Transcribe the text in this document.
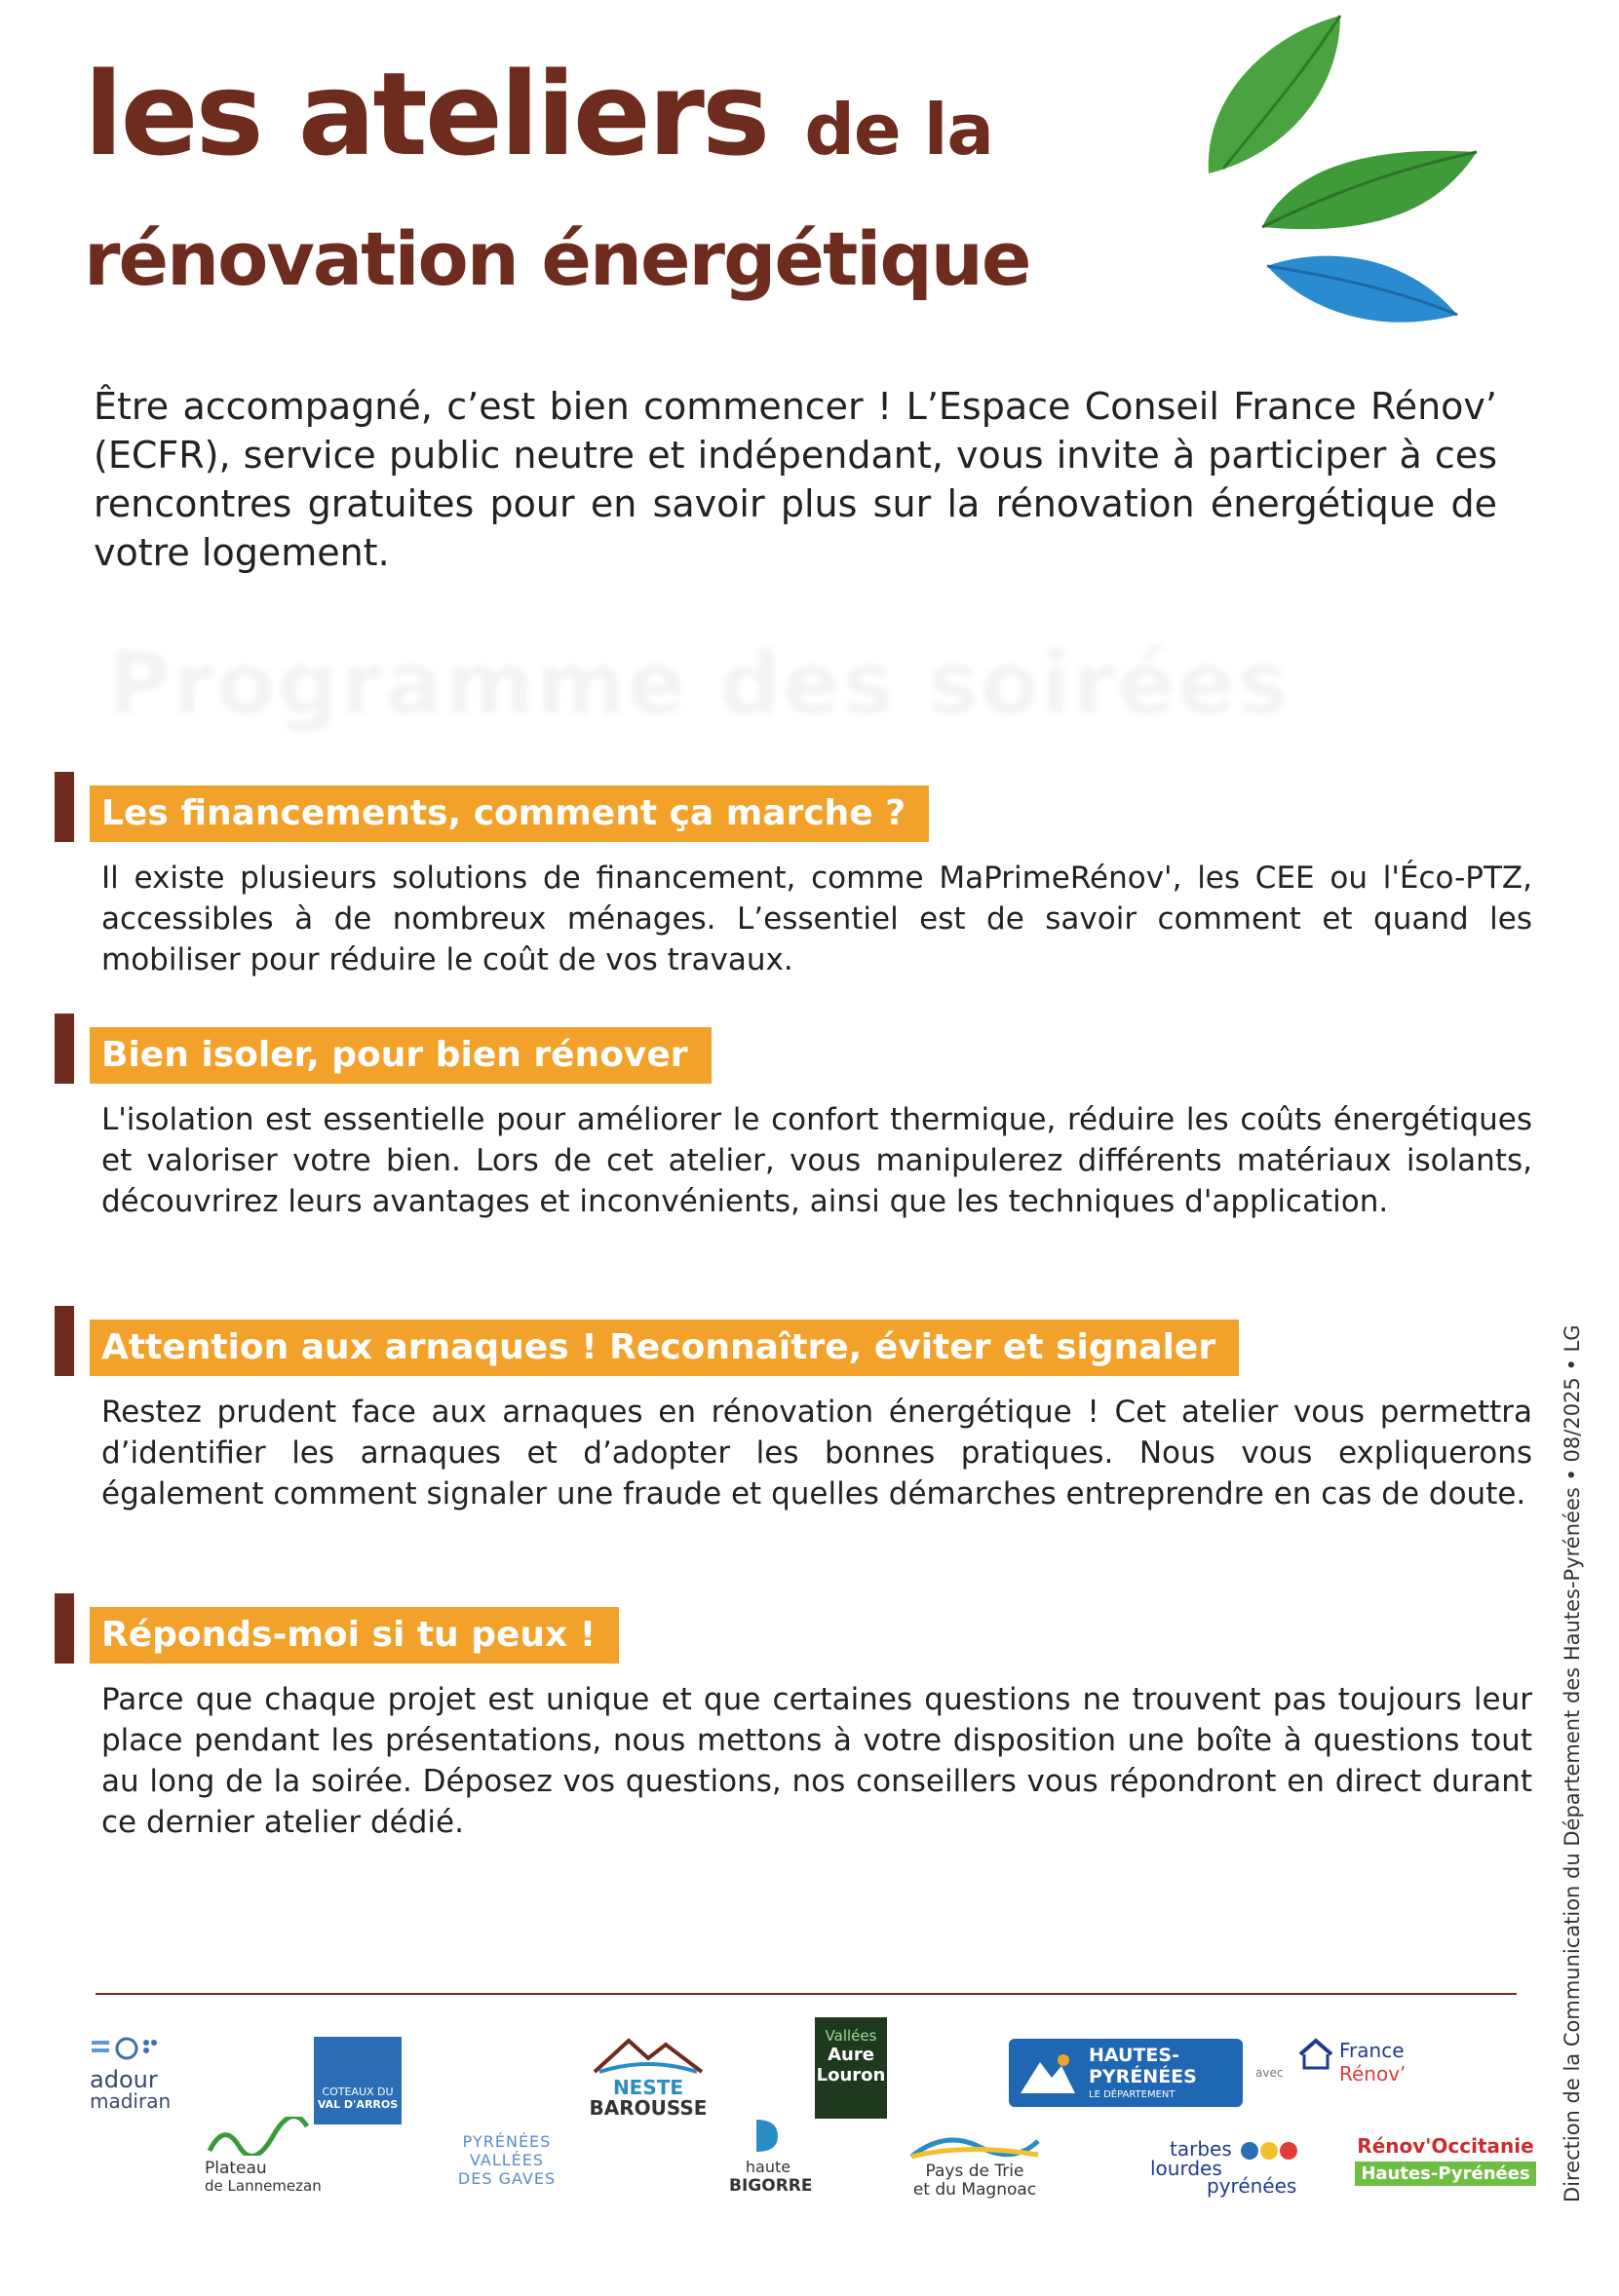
les ateliers de la
rénovation énergétique
Être accompagné, c’est bien commencer ! L’Espace Conseil France Rénov’ (ECFR), service public neutre et indépendant, vous invite à participer à ces rencontres gratuites pour en savoir plus sur la rénovation énergétique de votre logement.
Programme des soirées
Les financements, comment ça marche ?
Il existe plusieurs solutions de financement, comme MaPrimeRénov', les CEE ou l'Éco-PTZ, accessibles à de nombreux ménages. L’essentiel est de savoir comment et quand les mobiliser pour réduire le coût de vos travaux.
Bien isoler, pour bien rénover
L'isolation est essentielle pour améliorer le confort thermique, réduire les coûts énergétiques et valoriser votre bien. Lors de cet atelier, vous manipulerez différents matériaux isolants, découvrirez leurs avantages et inconvénients, ainsi que les techniques d'application.
Attention aux arnaques ! Reconnaître, éviter et signaler
Restez prudent face aux arnaques en rénovation énergétique ! Cet atelier vous permettra d’identifier les arnaques et d’adopter les bonnes pratiques. Nous vous expliquerons également comment signaler une fraude et quelles démarches entreprendre en cas de doute.
Réponds-moi si tu peux !
Parce que chaque projet est unique et que certaines questions ne trouvent pas toujours leur place pendant les présentations, nous mettons à votre disposition une boîte à questions tout au long de la soirée. Déposez vos questions, nos conseillers vous répondront en direct durant ce dernier atelier dédié.	Direction de la Communication du Département des Hautes-Pyrénées • 08/2025 • LG
adour
madiran	COTEAUX DU
VAL D'ARROS
Plateau
de Lannemezan
PYRÉNÉES
VALLÉES
DES GAVES
NESTE
BAROUSSE
haute
BIGORRE
Vallées
Aure
Louron
Pays de Trie
et du Magnoac
HAUTES-
PYRÉNÉES
LE DÉPARTEMENT
avec
France
Rénov’
tarbes
lourdes
pyrénées
Rénov'Occitanie
Hautes-Pyrénées
